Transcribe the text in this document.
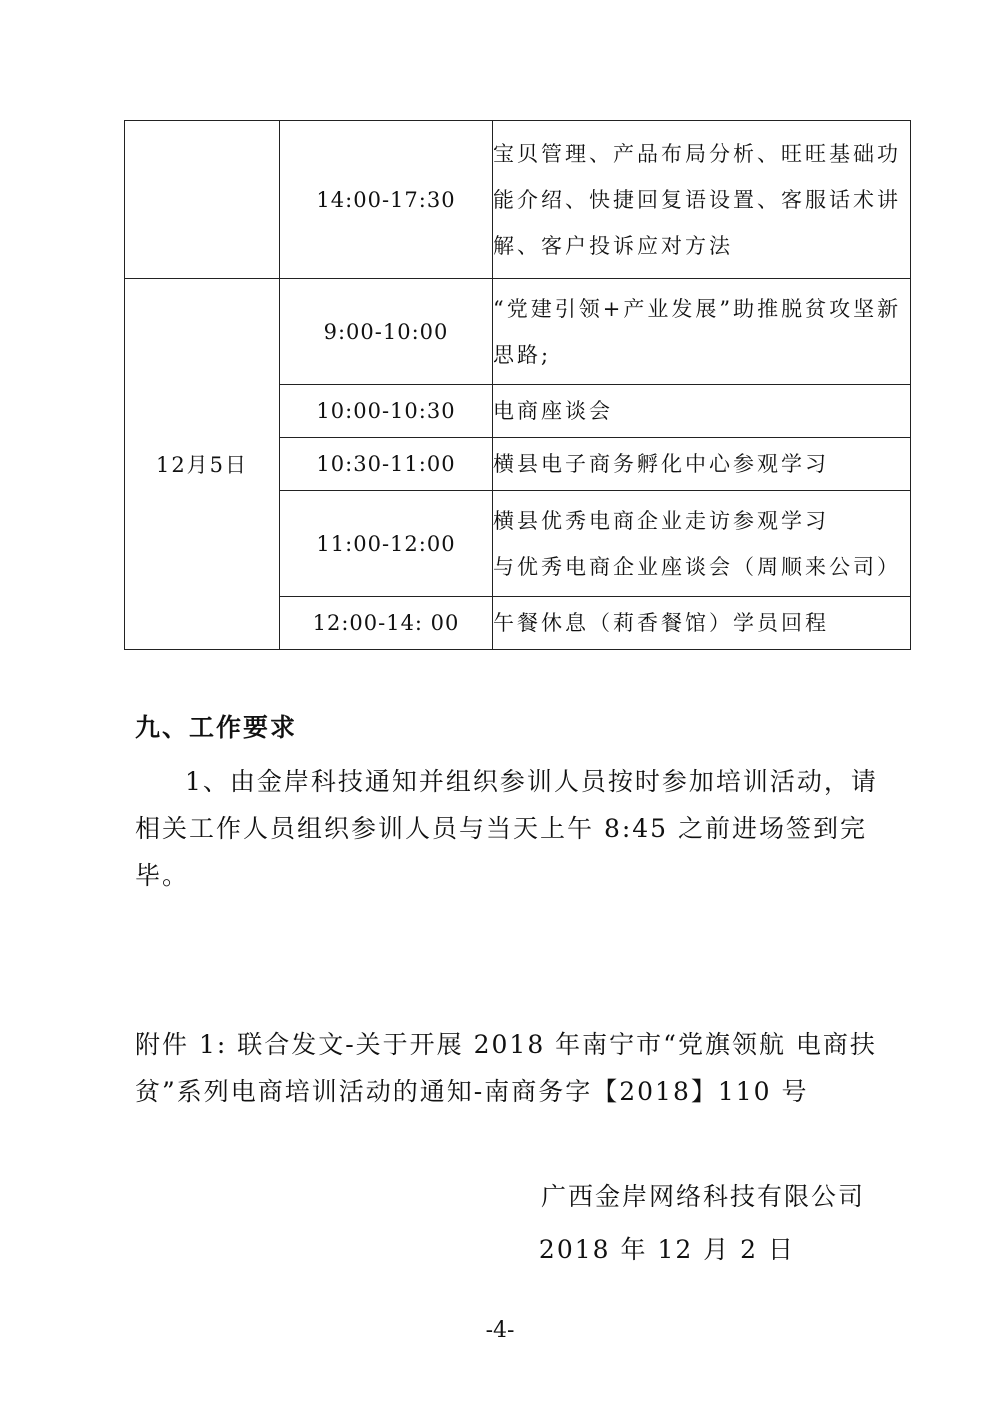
	14:00-17:30	宝贝管理、产品布局分析、旺旺基础功
能介绍、快捷回复语设置、客服话术讲
解、客户投诉应对方法

12月5日	9:00-10:00	“党建引领+产业发展”助推脱贫攻坚新
思路;

	10:00-10:30	电商座谈会

	10:30-11:00	横县电子商务孵化中心参观学习

	11:00-12:00	横县优秀电商企业走访参观学习
与优秀电商企业座谈会（周顺来公司）

	12:00-14: 00	午餐休息（莉香餐馆）学员回程
九、工作要求
1、由金岸科技通知并组织参训人员按时参加培训活动，请
相关工作人员组织参训人员与当天上午 8:45 之前进场签到完
毕。
附件 1: 联合发文-关于开展 2018 年南宁市“党旗领航 电商扶
贫”系列电商培训活动的通知-南商务字【2018】110 号
广西金岸网络科技有限公司
2018 年 12 月 2 日
-4-
